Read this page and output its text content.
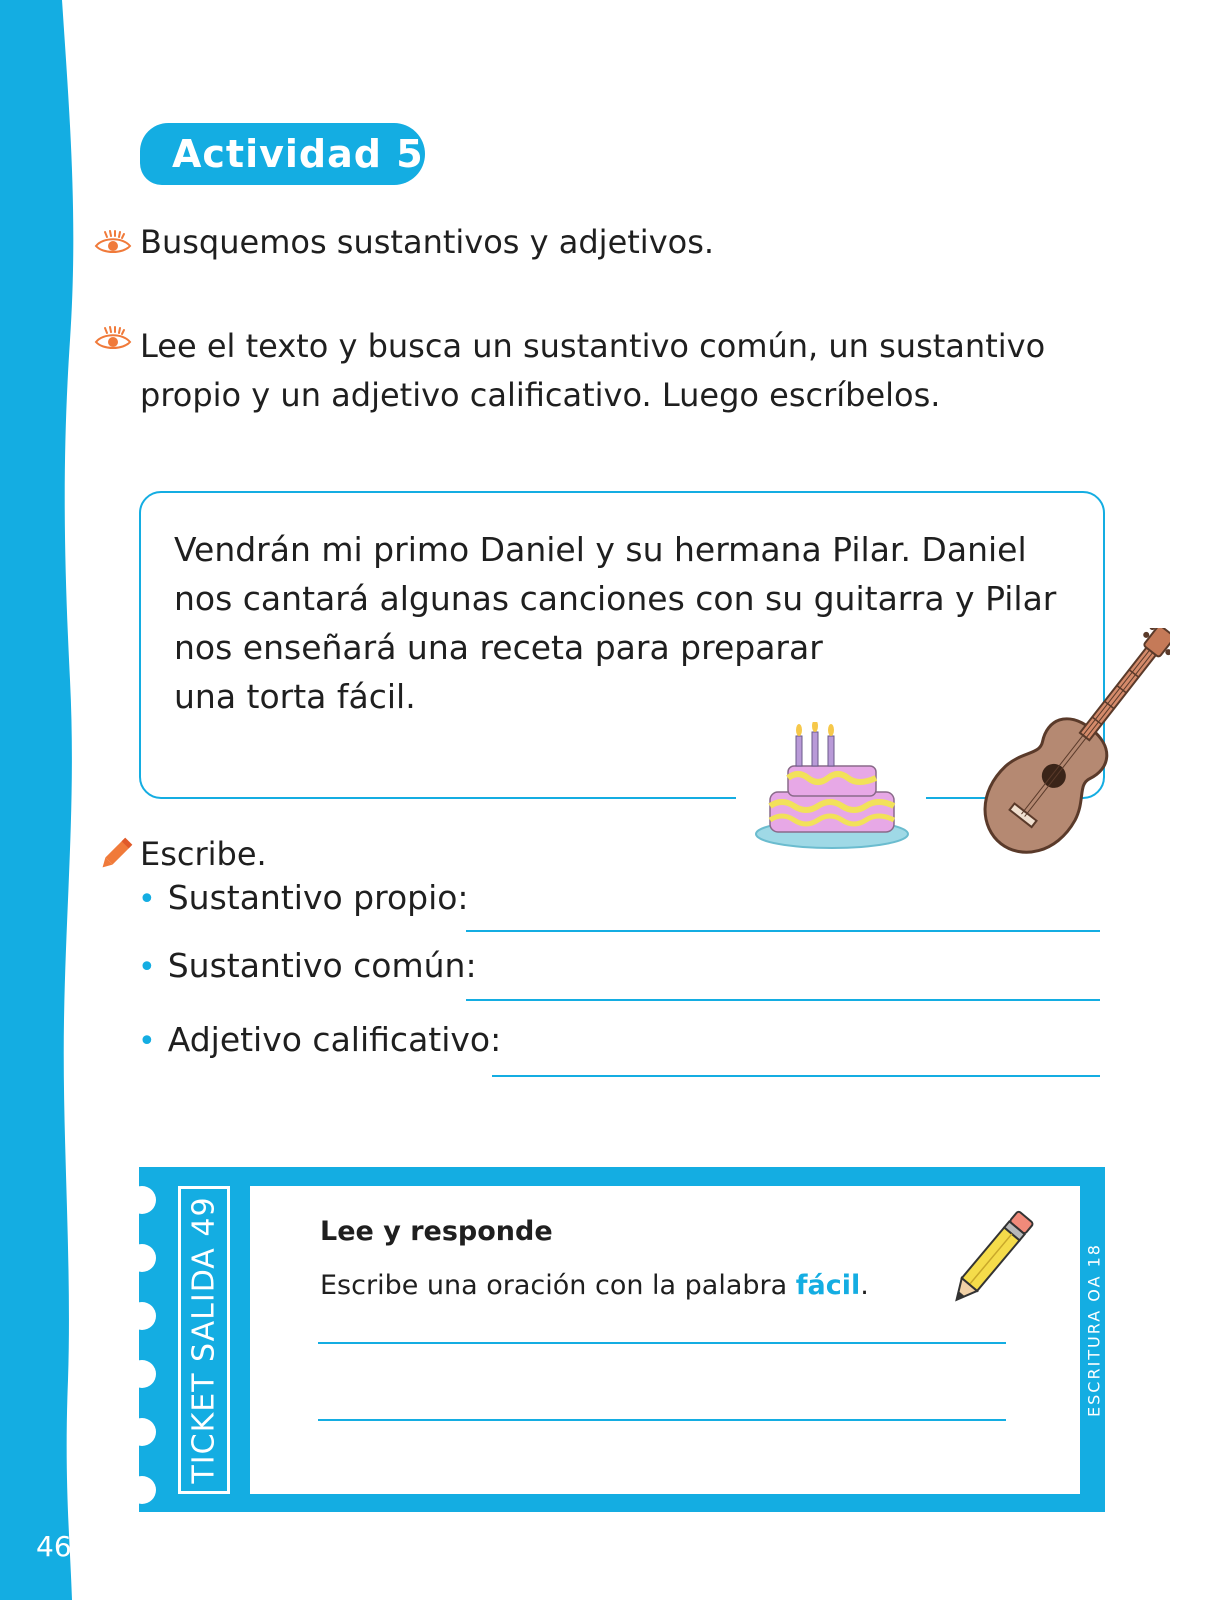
46
Actividad 5
Busquemos sustantivos y adjetivos.
Lee el texto y busca un sustantivo común, un sustantivo
propio y un adjetivo calificativo. Luego escríbelos.
Vendrán mi primo Daniel y su hermana Pilar. Daniel
nos cantará algunas canciones con su guitarra y Pilar
nos enseñará una receta para preparar
una torta fácil.
Escribe.
• Sustantivo propio:
• Sustantivo común:
• Adjetivo calificativo:
TICKET SALIDA 49	ESCRITURA OA 18
Lee y responde
Escribe una oración con la palabra fácil.
